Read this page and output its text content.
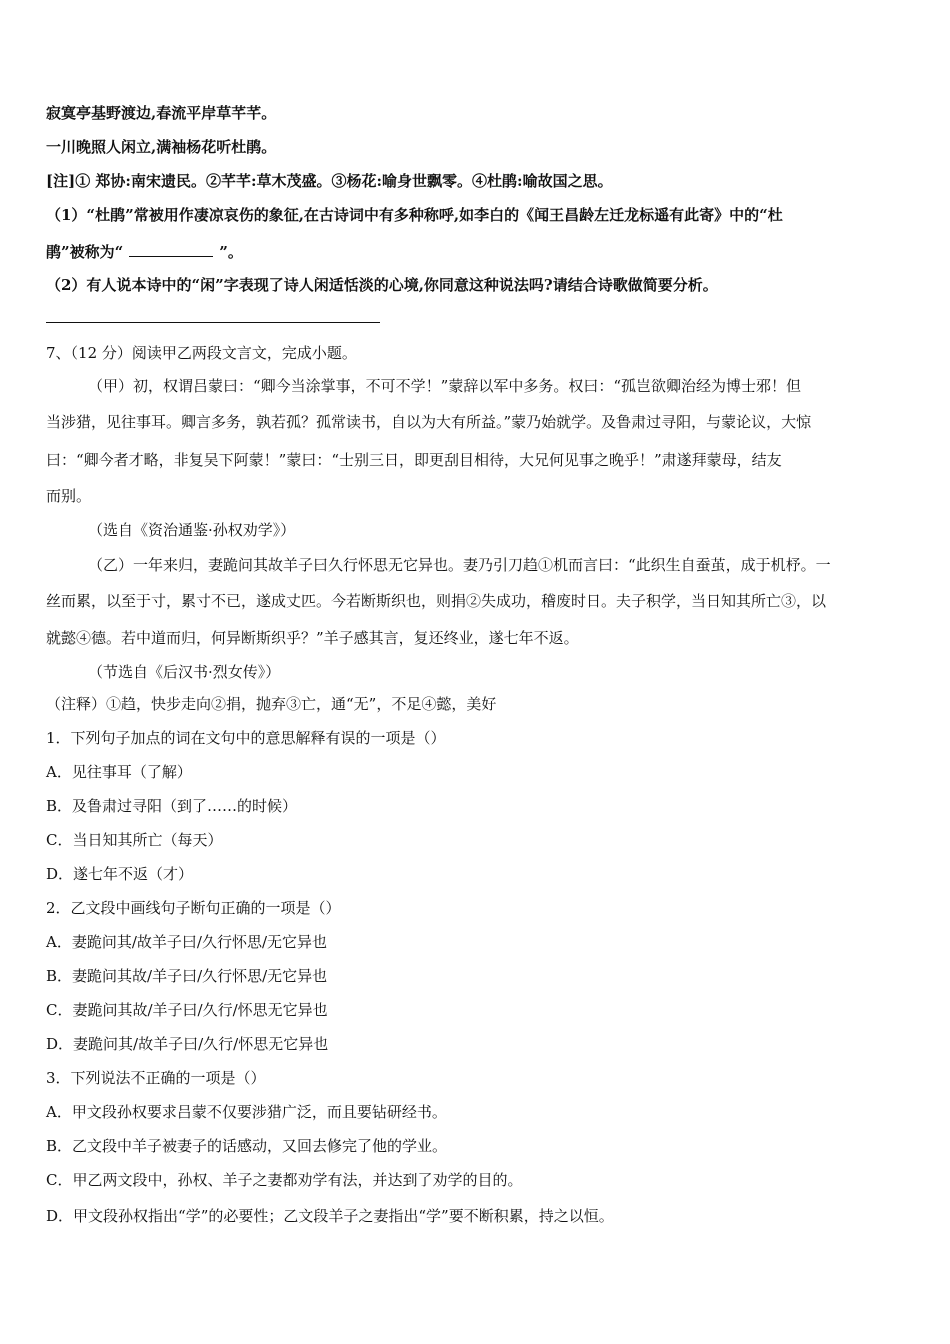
寂寞亭基野渡边,春流平岸草芊芊。
一川晚照人闲立,满袖杨花听杜鹃。
[注]① 郑协:南宋遗民。②芊芊:草木茂盛。③杨花:喻身世飘零。④杜鹃:喻故国之思。
（1）“杜鹃”常被用作凄凉哀伤的象征,在古诗词中有多种称呼,如李白的《闻王昌龄左迁龙标遥有此寄》中的“杜
鹃”被称为“	”。
（2）有人说本诗中的“闲”字表现了诗人闲适恬淡的心境,你同意这种说法吗?请结合诗歌做简要分析。
7、（12 分）阅读甲乙两段文言文，完成小题。
（甲）初，权谓吕蒙曰：“卿今当涂掌事，不可不学！”蒙辞以军中多务。权曰：“孤岂欲卿治经为博士邪！但
当涉猎，见往事耳。卿言多务，孰若孤？孤常读书，自以为大有所益。”蒙乃始就学。及鲁肃过寻阳，与蒙论议，大惊
曰：“卿今者才略，非复吴下阿蒙！”蒙曰：“士别三日，即更刮目相待，大兄何见事之晚乎！”肃遂拜蒙母，结友
而别。
（选自《资治通鉴·孙权劝学》）
（乙）一年来归，妻跪问其故羊子曰久行怀思无它异也。妻乃引刀趋①机而言曰：“此织生自蚕茧，成于机杼。一
丝而累，以至于寸，累寸不已，遂成丈匹。今若断斯织也，则捐②失成功，稽废时日。夫子积学，当日知其所亡③，以
就懿④德。若中道而归，何异断斯织乎？”羊子感其言，复还终业，遂七年不返。
（节选自《后汉书·烈女传》）
（注释）①趋，快步走向②捐，抛弃③亡，通“无”，不足④懿，美好
1．下列句子加点的词在文句中的意思解释有误的一项是（）
A．见往事耳（了解）
B．及鲁肃过寻阳（到了……的时候）
C．当日知其所亡（每天）
D．遂七年不返（才）
2．乙文段中画线句子断句正确的一项是（）
A．妻跪问其/故羊子曰/久行怀思/无它异也
B．妻跪问其故/羊子曰/久行怀思/无它异也
C．妻跪问其故/羊子曰/久行/怀思无它异也
D．妻跪问其/故羊子曰/久行/怀思无它异也
3．下列说法不正确的一项是（）
A．甲文段孙权要求吕蒙不仅要涉猎广泛，而且要钻研经书。
B．乙文段中羊子被妻子的话感动，又回去修完了他的学业。
C．甲乙两文段中，孙权、羊子之妻都劝学有法，并达到了劝学的目的。
D．甲文段孙权指出“学”的必要性；乙文段羊子之妻指出“学”要不断积累，持之以恒。
